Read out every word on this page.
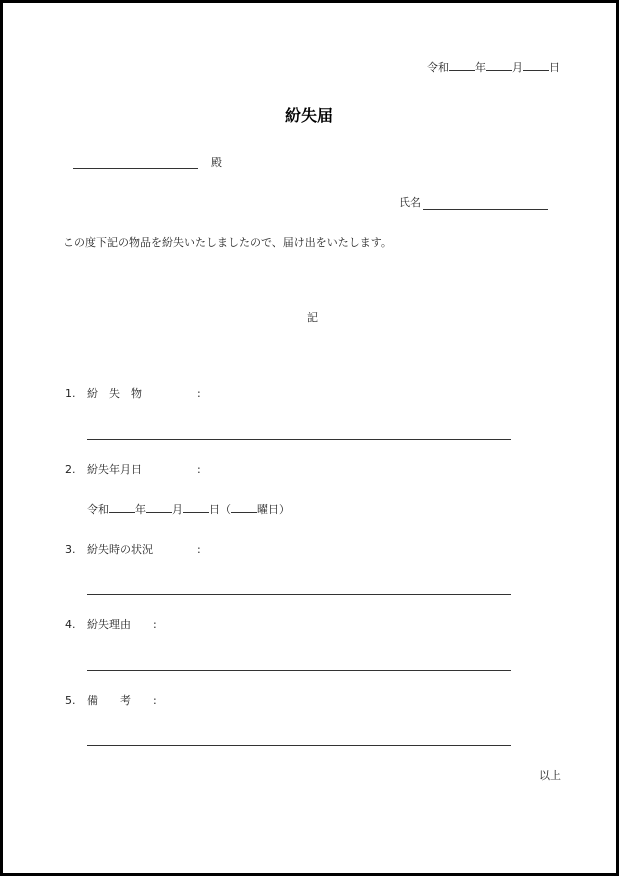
令和 年 月 日
紛失届
殿
氏名
この度下記の物品を紛失いたしましたので、届け出をいたします。
記
1. 紛　失　物	:
2. 紛失年月日	:
令和 年 月 日（ 曜日）
3. 紛失時の状況	:
4. 紛失理由 :
5. 備　　考 :
以上
